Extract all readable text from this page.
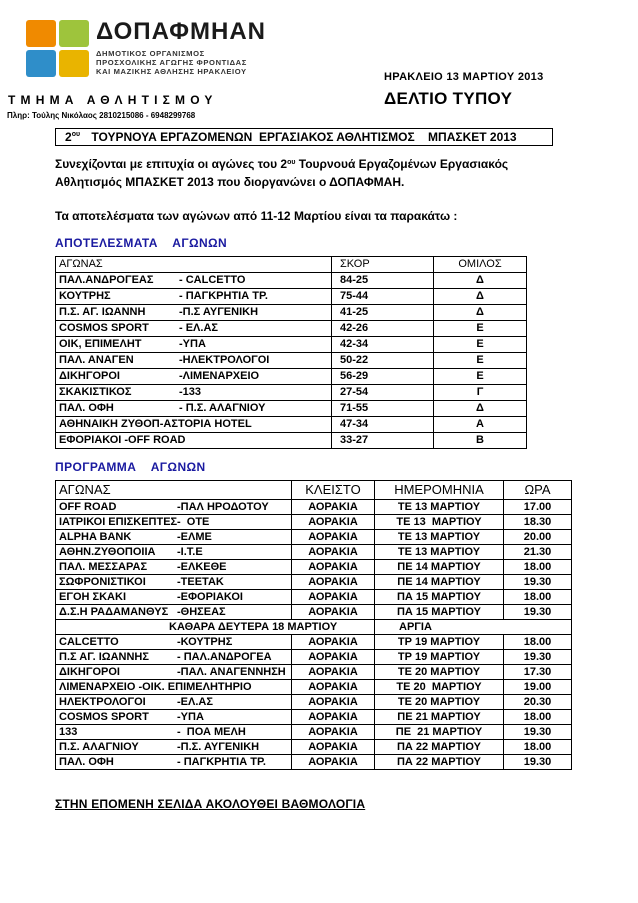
ΔΟΠΑΦΜΗΑΝ
ΔΗΜΟΤΙΚΟΣ ΟΡΓΑΝΙΣΜΟΣ
ΠΡΟΣΧΟΛΙΚΗΣ ΑΓΩΓΗΣ ΦΡΟΝΤΙΔΑΣ
ΚΑΙ ΜΑΖΙΚΗΣ ΑΘΛΗΣΗΣ ΗΡΑΚΛΕΙΟΥ	ΗΡΑΚΛΕΙΟ 13 ΜΑΡΤΙΟΥ 2013
ΤΜΗΜΑ ΑΘΛΗΤΙΣΜΟΥ	ΔΕΛΤΙΟ ΤΥΠΟΥ
Πληρ: Τούλης Νικόλαος 2810215086 - 6948299768
$2^{o\upsilon}$ ΤΟΥΡΝΟΥΑ ΕΡΓΑΖΟΜΕΝΩΝ  ΕΡΓΑΣΙΑΚΟΣ ΑΘΛΗΤΙΣΜΟΣ    ΜΠΑΣΚΕΤ 2013
Συνεχίζονται με επιτυχία οι αγώνες του $2^{o\upsilon}$ Τουρνουά Εργαζομένων Εργασιακός Αθλητισμός ΜΠΑΣΚΕΤ 2013 που διοργανώνει ο ΔΟΠΑΦΜΑΗ.
Τα αποτελέσματα των αγώνων από 11-12 Μαρτίου είναι τα παρακάτω :
ΑΠΟΤΕΛΕΣΜΑΤΑ    ΑΓΩΝΩΝ
ΑΓΩΝΑΣ	ΣΚΟΡ	ΟΜΙΛΟΣ
ΠΑΛ.ΑΝΔΡΟΓΕΑΣ - CALCETTO	84-25	Δ
ΚΟΥΤΡΗΣ - ΠΑΓΚΡΗΤΙΑ ΤΡ.	75-44	Δ
Π.Σ. ΑΓ. ΙΩΑΝΝΗ -Π.Σ ΑΥΓΕΝΙΚΗ	41-25	Δ
COSMOS SPORT - ΕΛ.ΑΣ	42-26	Ε
ΟΙΚ, ΕΠΙΜΕΛΗΤ -ΥΠΑ	42-34	Ε
ΠΑΛ. ΑΝΑΓΕΝ -ΗΛΕΚΤΡΟΛΟΓΟΙ	50-22	Ε
ΔΙΚΗΓΟΡΟΙ -ΛΙΜΕΝΑΡΧΕΙΟ	56-29	Ε
ΣΚΑΚΙΣΤΙΚΟΣ -133	27-54	Γ
ΠΑΛ. ΟΦΗ - Π.Σ. ΑΛΑΓΝΙΟΥ	71-55	Δ
ΑΘΗΝΑΙΚΗ ΖΥΘΟΠ-ΑΣΤΟΡΙΑ HOTEL	47-34	Α
ΕΦΟΡΙΑΚΟΙ -OFF ROAD	33-27	Β
ΠΡΟΓΡΑΜΜΑ    ΑΓΩΝΩΝ
ΑΓΩΝΑΣ	ΚΛΕΙΣΤΟ	ΗΜΕΡΟΜΗΝΙΑ	ΩΡΑ
OFF ROAD -ΠΑΛ ΗΡΟΔΟΤΟΥ	ΑΟΡΑΚΙΑ	ΤΕ 13 ΜΑΡΤΙΟΥ	17.00
ΙΑΤΡΙΚΟΙ ΕΠΙΣΚΕΠΤΕΣ-  ΟΤΕ	ΑΟΡΑΚΙΑ	ΤΕ 13  ΜΑΡΤΙΟΥ	18.30
ALPHA BANK -ΕΛΜΕ	ΑΟΡΑΚΙΑ	ΤΕ 13 ΜΑΡΤΙΟΥ	20.00
ΑΘΗΝ.ΖΥΘΟΠΟΙΙΑ -Ι.Τ.Ε	ΑΟΡΑΚΙΑ	ΤΕ 13 ΜΑΡΤΙΟΥ	21.30
ΠΑΛ. ΜΕΣΣΑΡΑΣ -ΕΛΚΕΘΕ	ΑΟΡΑΚΙΑ	ΠΕ 14 ΜΑΡΤΙΟΥ	18.00
ΣΩΦΡΟΝΙΣΤΙΚΟΙ -ΤΕΕΤΑΚ	ΑΟΡΑΚΙΑ	ΠΕ 14 ΜΑΡΤΙΟΥ	19.30
ΕΓΟΗ ΣΚΑΚΙ -ΕΦΟΡΙΑΚΟΙ	ΑΟΡΑΚΙΑ	ΠΑ 15 ΜΑΡΤΙΟΥ	18.00
Δ.Σ.Η ΡΑΔΑΜΑΝΘΥΣ -ΘΗΣΕΑΣ	ΑΟΡΑΚΙΑ	ΠΑ 15 ΜΑΡΤΙΟΥ	19.30
ΚΑΘΑΡΑ ΔΕΥΤΕΡΑ 18 ΜΑΡΤΙΟΥ		ΑΡΓΙΑ	
CALCETTO -ΚΟΥΤΡΗΣ	ΑΟΡΑΚΙΑ	ΤΡ 19 ΜΑΡΤΙΟΥ	18.00
Π.Σ ΑΓ. ΙΩΑΝΝΗΣ - ΠΑΛ.ΑΝΔΡΟΓΕΑ	ΑΟΡΑΚΙΑ	ΤΡ 19 ΜΑΡΤΙΟΥ	19.30
ΔΙΚΗΓΟΡΟΙ -ΠΑΛ. ΑΝΑΓΕΝΝΗΣΗ	ΑΟΡΑΚΙΑ	ΤΕ 20 ΜΑΡΤΙΟΥ	17.30
ΛΙΜΕΝΑΡΧΕΙΟ -ΟΙΚ. ΕΠΙΜΕΛΗΤΗΡΙΟ	ΑΟΡΑΚΙΑ	ΤΕ 20  ΜΑΡΤΙΟΥ	19.00
ΗΛΕΚΤΡΟΛΟΓΟΙ -ΕΛ.ΑΣ	ΑΟΡΑΚΙΑ	ΤΕ 20 ΜΑΡΤΙΟΥ	20.30
COSMOS SPORT -ΥΠΑ	ΑΟΡΑΚΙΑ	ΠΕ 21 ΜΑΡΤΙΟΥ	18.00
133 -  ΠΟΑ ΜΕΛΗ	ΑΟΡΑΚΙΑ	ΠΕ  21 ΜΑΡΤΙΟΥ	19.30
Π.Σ. ΑΛΑΓΝΙΟΥ -Π.Σ. ΑΥΓΕΝΙΚΗ	ΑΟΡΑΚΙΑ	ΠΑ 22 ΜΑΡΤΙΟΥ	18.00
ΠΑΛ. ΟΦΗ - ΠΑΓΚΡΗΤΙΑ ΤΡ.	ΑΟΡΑΚΙΑ	ΠΑ 22 ΜΑΡΤΙΟΥ	19.30
ΣΤΗΝ ΕΠΟΜΕΝΗ ΣΕΛΙΔΑ ΑΚΟΛΟΥΘΕΙ ΒΑΘΜΟΛΟΓΙΑ
